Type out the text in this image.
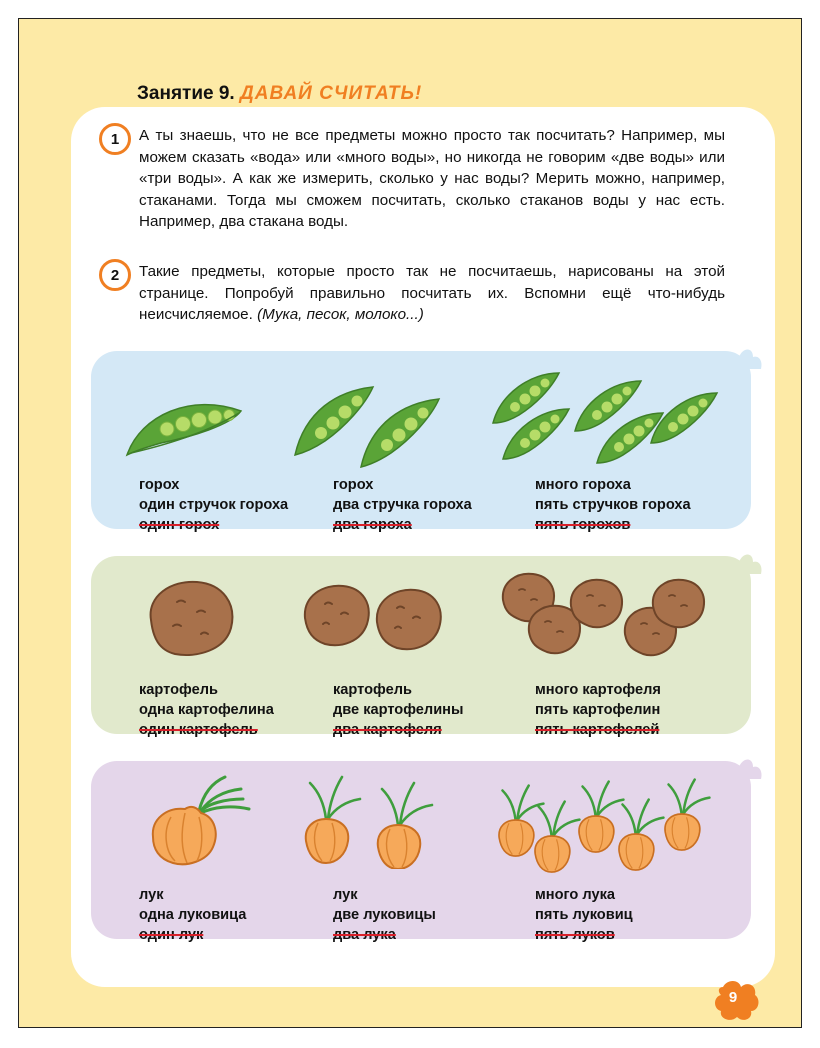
Занятие 9. ДАВАЙ СЧИТАТЬ!
1 А ты знаешь, что не все предметы можно просто так посчитать? Например, мы можем сказать «вода» или «много воды», но никогда не говорим «две воды» или «три воды». А как же измерить, сколько у нас воды? Мерить можно, например, стаканами. Тогда мы сможем посчитать, сколько стаканов воды у нас есть. Например, два стакана воды.
2 Такие предметы, которые просто так не посчитаешь, нарисованы на этой странице. Попробуй правильно посчитать их. Вспомни ещё что-нибудь неисчисляемое. (Мука, песок, молоко...)
горох
один стручок гороха
один горох
горох
два стручка гороха
два гороха
много гороха
пять стручков гороха
пять горохов
картофель
одна картофелина
один картофель
картофель
две картофелины
два картофеля
много картофеля
пять картофелин
пять картофелей
лук
одна луковица
один лук
лук
две луковицы
два лука
много лука
пять луковиц
пять луков
9
